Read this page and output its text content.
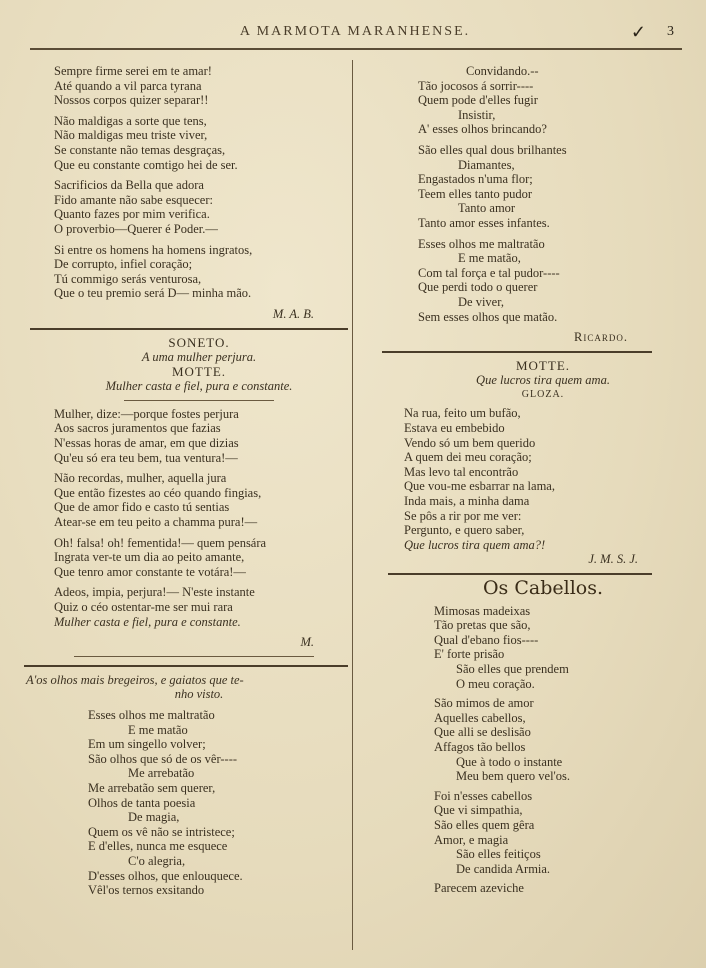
A MARMOTA MARANHENSE.	✓ 3

Sempre firme serei em te amar!

Até quando a vil parca tyrana

Nossos corpos quizer separar!!

Não maldigas a sorte que tens,

Não maldigas meu triste viver,

Se constante não temas desgraças,

Que eu constante comtigo hei de ser.

Sacrificios da Bella que adora

Fido amante não sabe esquecer:

Quanto fazes por mim verifica.

O proverbio—Querer é Poder.—

Si entre os homens ha homens ingratos,

De corrupto, infiel coração;

Tú commigo serás venturosa,

Que o teu premio será D— minha mão.

M. A. B.

SONETO.

A uma mulher perjura.

MOTTE.

Mulher casta e fiel, pura e constante.

Mulher, dize:—porque fostes perjura

Aos sacros juramentos que fazias

N'essas horas de amar, em que dizias

Qu'eu só era teu bem, tua ventura!—

Não recordas, mulher, aquella jura

Que então fizestes ao céo quando fingias,

Que de amor fido e casto tú sentias

Atear-se em teu peito a chamma pura!—

Oh! falsa! oh! fementida!— quem pensára

Ingrata ver-te um dia ao peito amante,

Que tenro amor constante te votára!—

Adeos, impia, perjura!— N'este instante

Quiz o céo ostentar-me ser mui rara

Mulher casta e fiel, pura e constante.

M.

A'os olhos mais bregeiros, e gaiatos que te-

nho visto.

Esses olhos me maltratão

E me matão

Em um singello volver;

São olhos que só de os vêr----

Me arrebatão

Me arrebatão sem querer,

Olhos de tanta poesia

De magia,

Quem os vê não se intristece;

E d'elles, nunca me esquece

C'o alegria,

D'esses olhos, que enlouquece.

Vêl'os ternos exsitando

Convidando.--

Tão jocosos á sorrir----

Quem pode d'elles fugir

Insistir,

A' esses olhos brincando?

São elles qual dous brilhantes

Diamantes,

Engastados n'uma flor;

Teem elles tanto pudor

Tanto amor

Tanto amor esses infantes.

Esses olhos me maltratão

E me matão,

Com tal força e tal pudor----

Que perdi todo o querer

De viver,

Sem esses olhos que matão.

Ricardo.

MOTTE.

Que lucros tira quem ama.

GLOZA.

Na rua, feito um bufão,

Estava eu embebido

Vendo só um bem querido

A quem dei meu coração;

Mas levo tal encontrão

Que vou-me esbarrar na lama,

Inda mais, a minha dama

Se pôs a rir por me ver:

Pergunto, e quero saber,

Que lucros tira quem ama?!

J. M. S. J.

Os Cabellos.

Mimosas madeixas

Tão pretas que são,

Qual d'ebano fios----

E' forte prisão

São elles que prendem

O meu coração.

São mimos de amor

Aquelles cabellos,

Que alli se deslisão

Affagos tão bellos

Que à todo o instante

Meu bem quero vel'os.

Foi n'esses cabellos

Que vi simpathia,

São elles quem gêra

Amor, e magia

São elles feitiços

De candida Armia.

Parecem azeviche
